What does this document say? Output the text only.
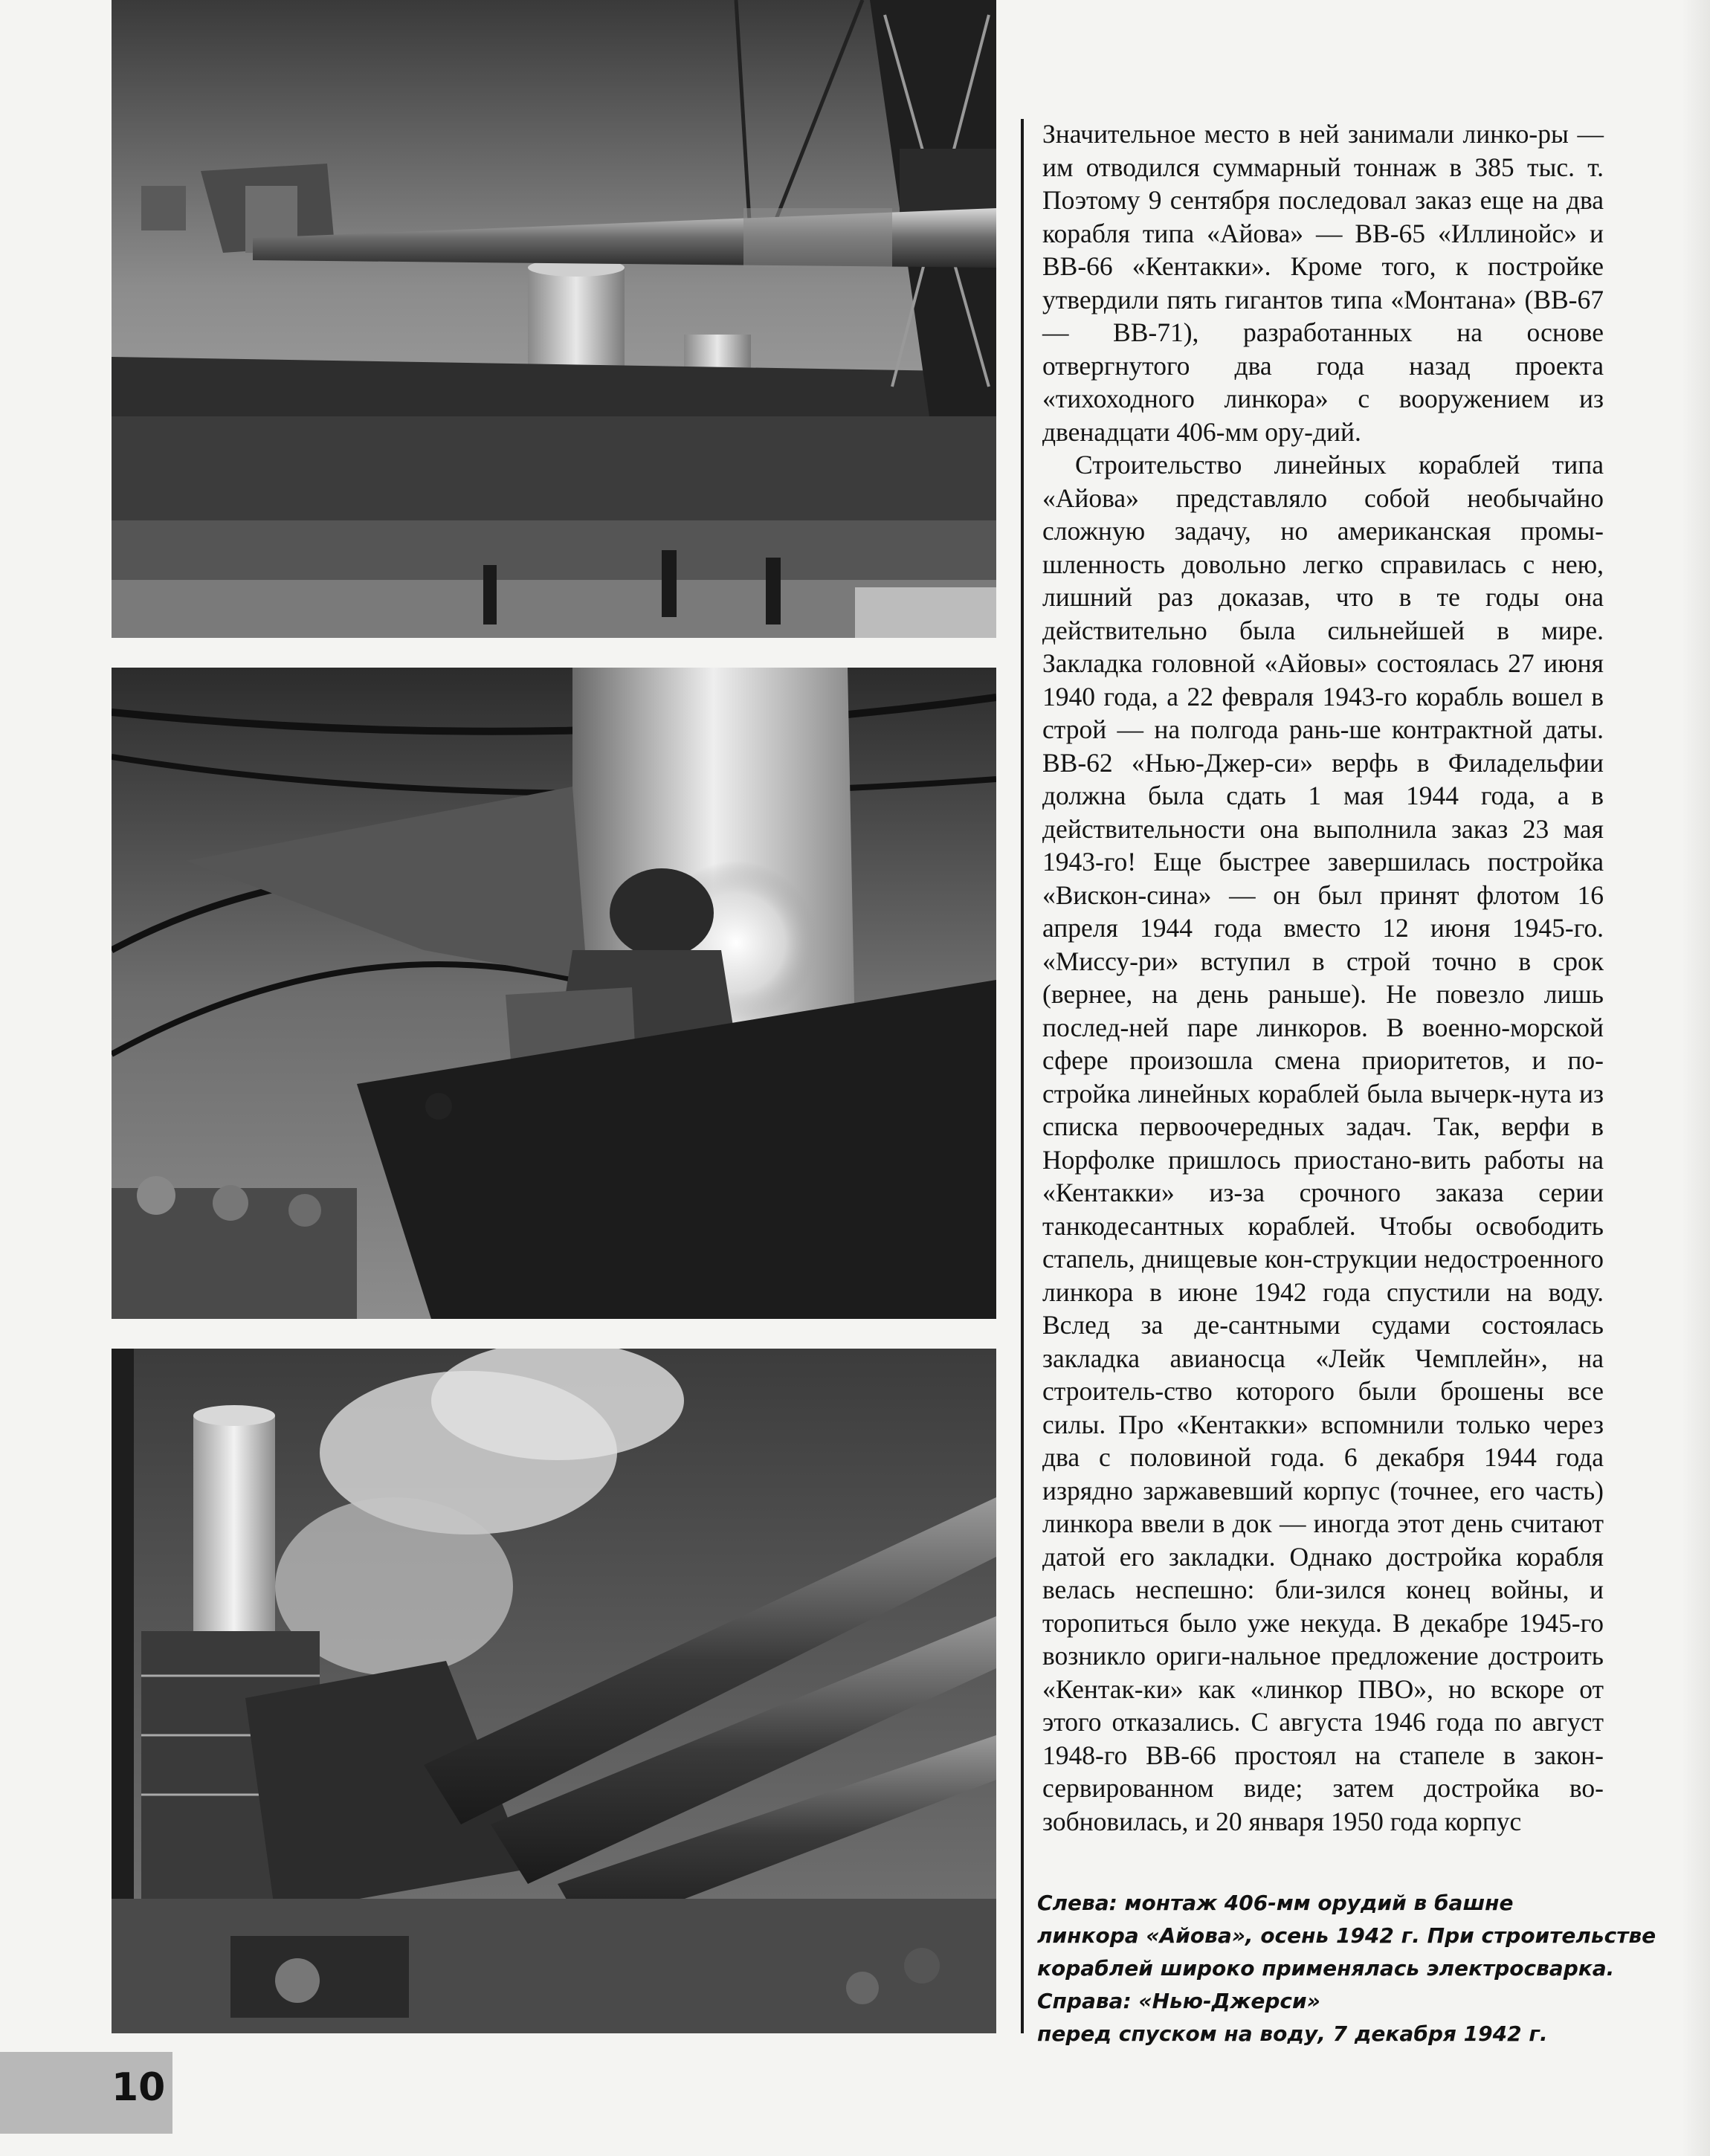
Значительное место в ней занимали линко-ры — им отводился суммарный тоннаж в 385 тыс. т. Поэтому 9 сентября последовал заказ еще на два корабля типа «Айова» — ВВ-65 «Иллинойс» и ВВ-66 «Кентакки». Кроме того, к постройке утвердили пять гигантов типа «Монтана» (ВВ-67 — ВВ-71), разработанных на основе отвергнутого два года назад проекта «тихоходного линкора» с вооружением из двенадцати 406-мм ору-дий.

Строительство линейных кораблей типа «Айова» представляло собой необычайно сложную задачу, но американская промы-шленность довольно легко справилась с нею, лишний раз доказав, что в те годы она действительно была сильнейшей в мире. Закладка головной «Айовы» состоялась 27 июня 1940 года, а 22 февраля 1943-го корабль вошел в строй — на полгода рань-ше контрактной даты. ВВ-62 «Нью-Джер-си» верфь в Филадельфии должна была сдать 1 мая 1944 года, а в действительности она выполнила заказ 23 мая 1943-го! Еще быстрее завершилась постройка «Вискон-сина» — он был принят флотом 16 апреля 1944 года вместо 12 июня 1945-го. «Миссу-ри» вступил в строй точно в срок (вернее, на день раньше). Не повезло лишь послед-ней паре линкоров. В военно-морской сфере произошла смена приоритетов, и по-стройка линейных кораблей была вычерк-нута из списка первоочередных задач. Так, верфи в Норфолке пришлось приостано-вить работы на «Кентакки» из-за срочного заказа серии танкодесантных кораблей. Чтобы освободить стапель, днищевые кон-струкции недостроенного линкора в июне 1942 года спустили на воду. Вслед за де-сантными судами состоялась закладка авианосца «Лейк Чемплейн», на строитель-ство которого были брошены все силы. Про «Кентакки» вспомнили только через два с половиной года. 6 декабря 1944 года изрядно заржавевший корпус (точнее, его часть) линкора ввели в док — иногда этот день считают датой его закладки. Однако достройка корабля велась неспешно: бли-зился конец войны, и торопиться было уже некуда. В декабре 1945-го возникло ориги-нальное предложение достроить «Кентак-ки» как «линкор ПВО», но вскоре от этого отказались. С августа 1946 года по август 1948-го ВВ-66 простоял на стапеле в закон-сервированном виде; затем достройка во-зобновилась, и 20 января 1950 года корпус

Слева: монтаж 406-мм орудий в башне
линкора «Айова», осень 1942 г. При строительстве
кораблей широко применялась электросварка.
Справа: «Нью-Джерси»
перед спуском на воду, 7 декабря 1942 г.
10
